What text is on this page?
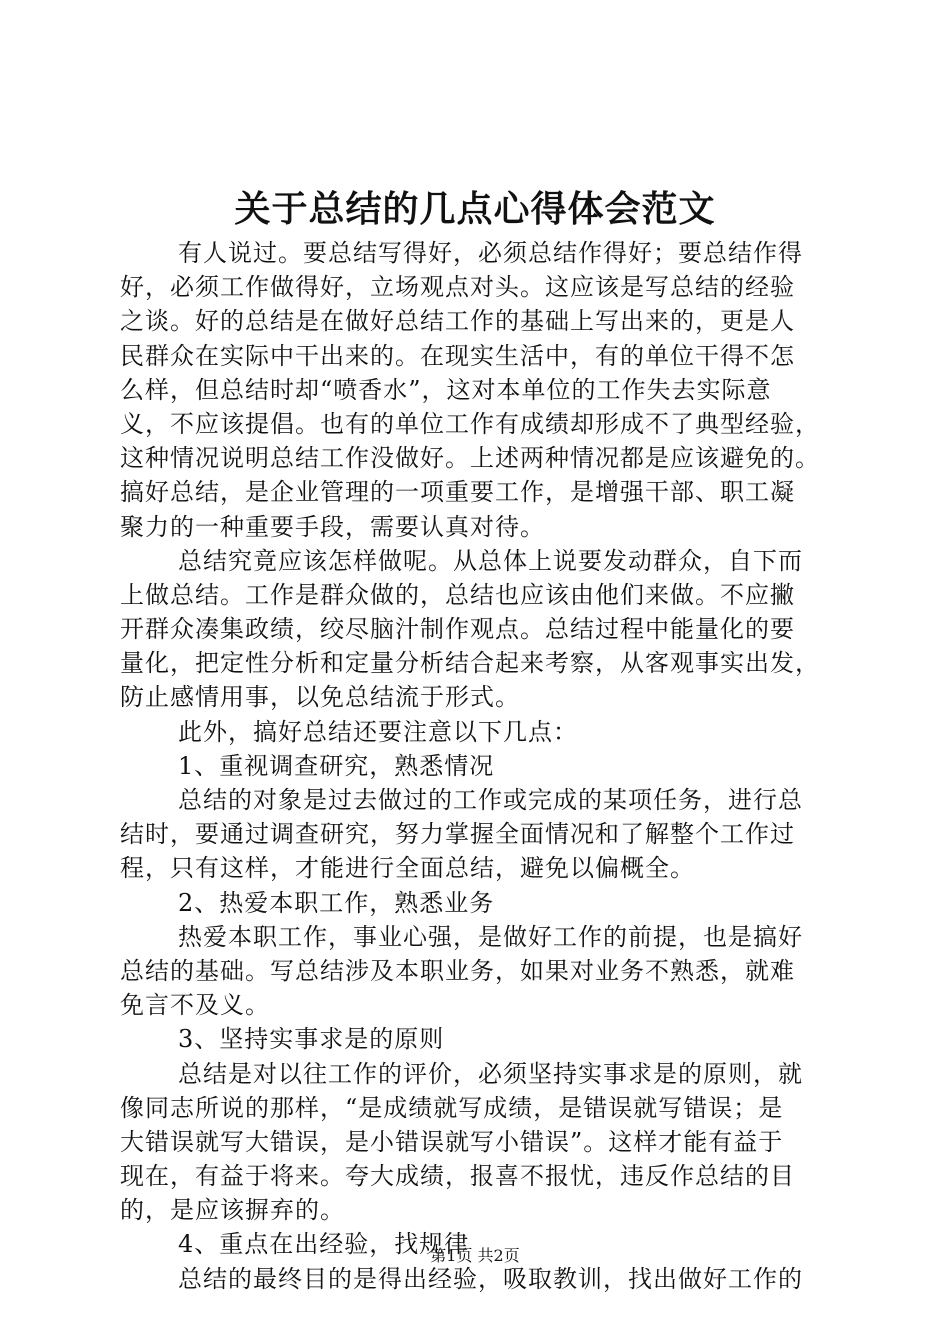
关于总结的几点心得体会范文
有人说过。要总结写得好，必须总结作得好；要总结作得
好，必须工作做得好，立场观点对头。这应该是写总结的经验
之谈。好的总结是在做好总结工作的基础上写出来的，更是人
民群众在实际中干出来的。在现实生活中，有的单位干得不怎
么样，但总结时却“喷香水”，这对本单位的工作失去实际意
义，不应该提倡。也有的单位工作有成绩却形成不了典型经验，
这种情况说明总结工作没做好。上述两种情况都是应该避免的。
搞好总结，是企业管理的一项重要工作，是增强干部、职工凝
聚力的一种重要手段，需要认真对待。
总结究竟应该怎样做呢。从总体上说要发动群众，自下而
上做总结。工作是群众做的，总结也应该由他们来做。不应撇
开群众凑集政绩，绞尽脑汁制作观点。总结过程中能量化的要
量化，把定性分析和定量分析结合起来考察，从客观事实出发，
防止感情用事，以免总结流于形式。
此外，搞好总结还要注意以下几点：
1、重视调查研究，熟悉情况
总结的对象是过去做过的工作或完成的某项任务，进行总
结时，要通过调查研究，努力掌握全面情况和了解整个工作过
程，只有这样，才能进行全面总结，避免以偏概全。
2、热爱本职工作，熟悉业务
热爱本职工作，事业心强，是做好工作的前提，也是搞好
总结的基础。写总结涉及本职业务，如果对业务不熟悉，就难
免言不及义。
3、坚持实事求是的原则
总结是对以往工作的评价，必须坚持实事求是的原则，就
像同志所说的那样，“是成绩就写成绩，是错误就写错误；是
大错误就写大错误，是小错误就写小错误”。这样才能有益于
现在，有益于将来。夸大成绩，报喜不报忧，违反作总结的目
的，是应该摒弃的。
4、重点在出经验，找规律
总结的最终目的是得出经验，吸取教训，找出做好工作的
第1页 共2页
